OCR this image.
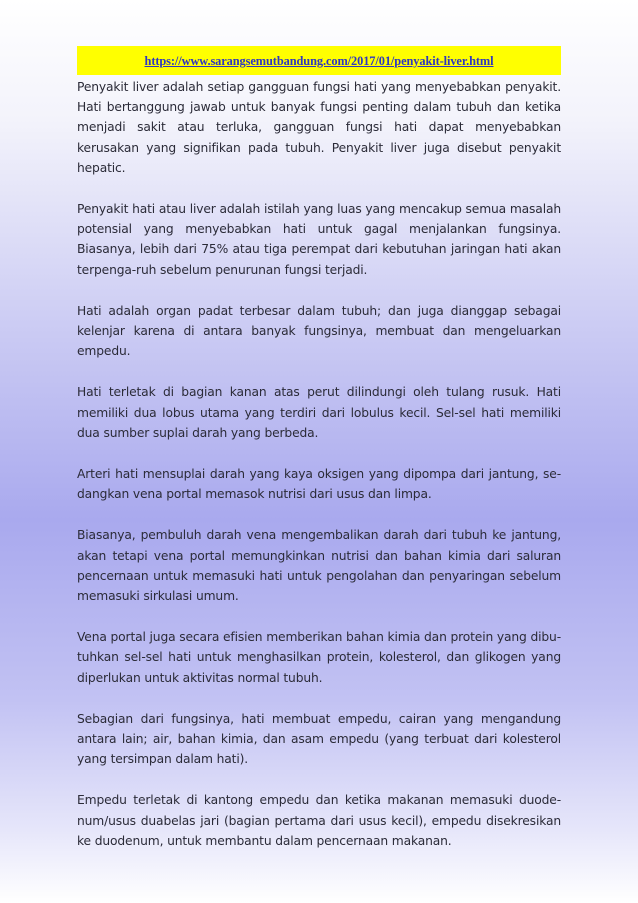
https://www.sarangsemutbandung.com/2017/01/penyakit-liver.html

Penyakit liver adalah setiap gangguan fungsi hati yang menyebabkan penyakit. Hati bertanggung jawab untuk banyak fungsi penting dalam tubuh dan ketika menjadi sakit atau terluka, gangguan fungsi hati dapat menyebabkan kerusakan yang signifikan pada tubuh. Penyakit liver juga disebut penyakit hepatic.

Penyakit hati atau liver adalah istilah yang luas yang mencakup semua masalah potensial yang menyebabkan hati untuk gagal menjalankan fungsinya. Biasanya, lebih dari 75% atau tiga perempat dari kebutuhan jaringan hati akan terpenga-ruh sebelum penurunan fungsi terjadi.

Hati adalah organ padat terbesar dalam tubuh; dan juga dianggap sebagai kelenjar karena di antara banyak fungsinya, membuat dan mengeluarkan empedu.

Hati terletak di bagian kanan atas perut dilindungi oleh tulang rusuk. Hati memiliki dua lobus utama yang terdiri dari lobulus kecil. Sel-sel hati memiliki dua sumber suplai darah yang berbeda.

Arteri hati mensuplai darah yang kaya oksigen yang dipompa dari jantung, se-dangkan vena portal memasok nutrisi dari usus dan limpa.

Biasanya, pembuluh darah vena mengembalikan darah dari tubuh ke jantung, akan tetapi vena portal memungkinkan nutrisi dan bahan kimia dari saluran pencernaan untuk memasuki hati untuk pengolahan dan penyaringan sebelum memasuki sirkulasi umum.

Vena portal juga secara efisien memberikan bahan kimia dan protein yang dibu-tuhkan sel-sel hati untuk menghasilkan protein, kolesterol, dan glikogen yang diperlukan untuk aktivitas normal tubuh.

Sebagian dari fungsinya, hati membuat empedu, cairan yang mengandung antara lain; air, bahan kimia, dan asam empedu (yang terbuat dari kolesterol yang tersimpan dalam hati).

Empedu terletak di kantong empedu dan ketika makanan memasuki duode-num/usus duabelas jari (bagian pertama dari usus kecil), empedu disekresikan ke duodenum, untuk membantu dalam pencernaan makanan.
